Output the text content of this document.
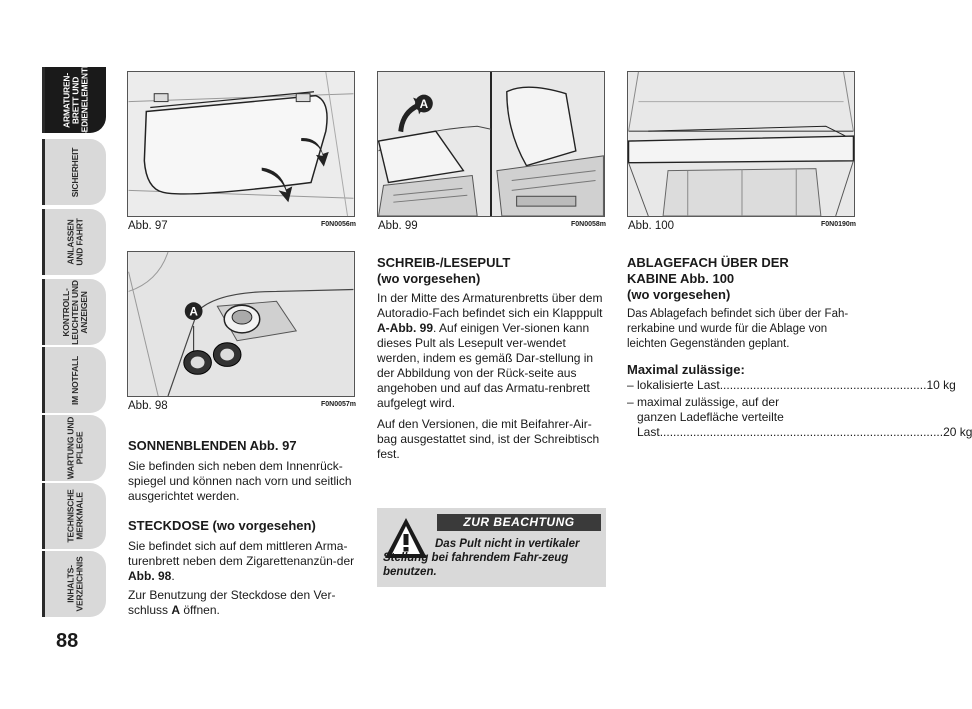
ARMATUREN-
BRETT UND
BEDIENELEMENTE
SICHERHEIT
ANLASSEN
UND FAHRT
KONTROLL-
LEUCHTEN UND
ANZEIGEN
IM NOTFALL
WARTUNG UND
PFLEGE
TECHNISCHE
MERKMALE
INHALTS-
VERZEICHNIS
88
Abb. 97	F0N0056m
A
Abb. 98	F0N0057m
A
Abb. 99	F0N0058m Abb. 100	F0N0190m
SONNENBLENDEN Abb. 97
Sie befinden sich neben dem Innenrück-spiegel und können nach vorn und seitlich ausgerichtet werden.
STECKDOSE (wo vorgesehen)
Sie befindet sich auf dem mittleren Arma-turenbrett neben dem Zigarettenanzün-der Abb. 98.
Zur Benutzung der Steckdose den Ver-schluss A öffnen.
SCHREIB-/LESEPULT
(wo vorgesehen)
In der Mitte des Armaturenbretts über dem Autoradio-Fach befindet sich ein Klapppult A-Abb. 99. Auf einigen Ver-sionen kann dieses Pult als Lesepult ver-wendet werden, indem es gemäß Dar-stellung in der Abbildung von der Rück-seite aus angehoben und auf das Armatu-renbrett aufgelegt wird.
Auf den Versionen, die mit Beifahrer-Air-bag ausgestattet sind, ist der Schreibtisch fest.
ZUR BEACHTUNG
Das Pult nicht in vertikaler Stellung bei fahrendem Fahr-zeug benutzen.
ABLAGEFACH ÜBER DER
KABINE Abb. 100
(wo vorgesehen)
Das Ablagefach befindet sich über der Fah-rerkabine und wurde für die Ablage von leichten Gegenständen geplant.
Maximal zulässige:
– lokalisierte Last .............................................................. 10 kg
– maximal zulässige, auf der
ganzen Ladefläche verteilte
Last ..................................................................................... 20 kg
